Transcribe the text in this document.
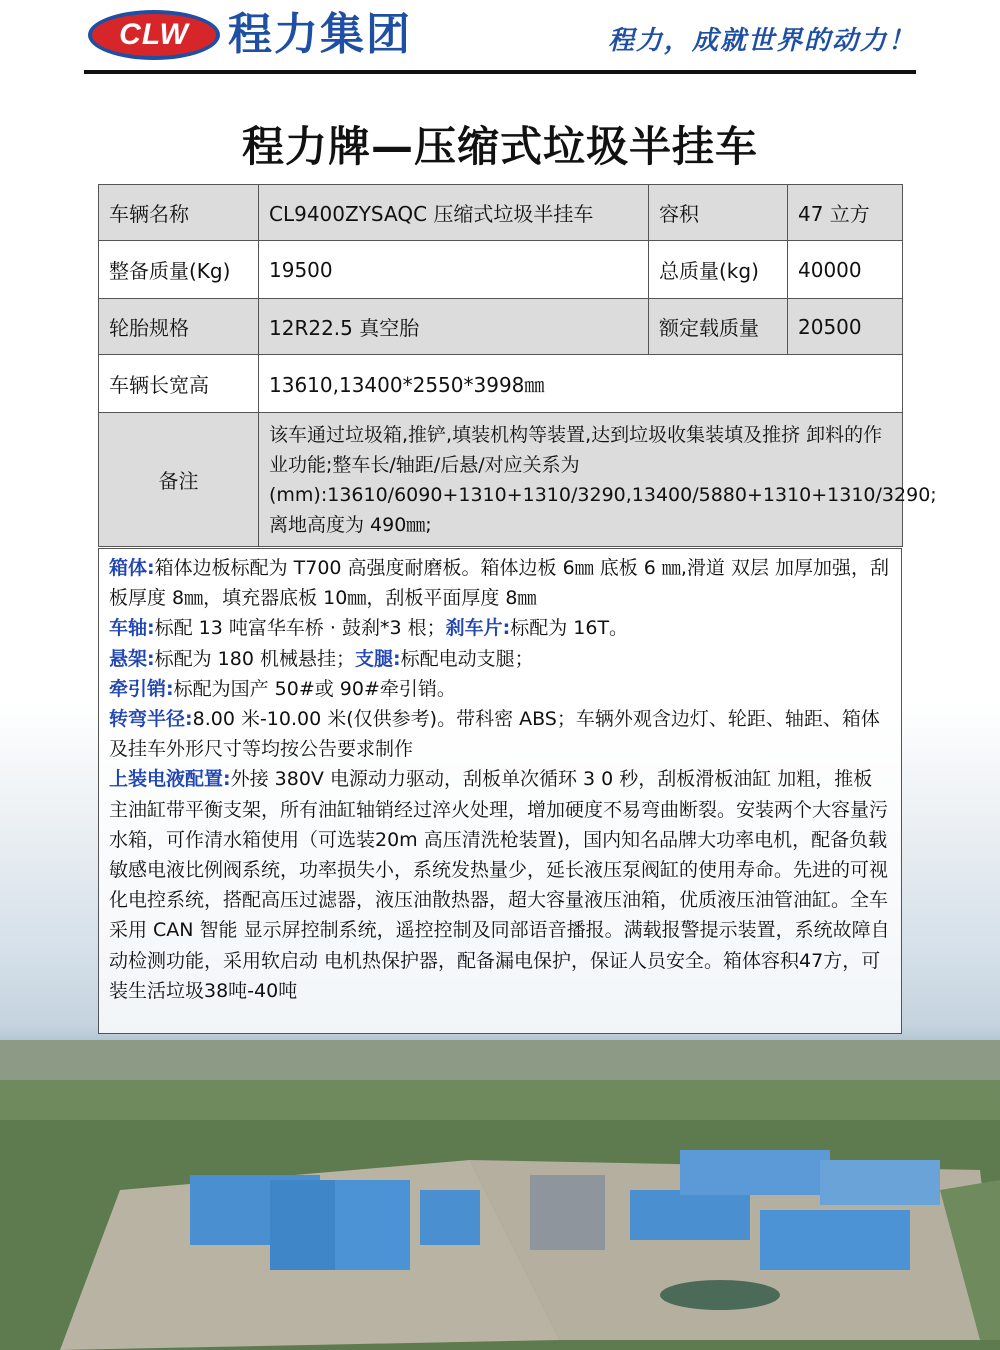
CLW 程力集团	程力，成就世界的动力！
程力牌—压缩式垃圾半挂车
车辆名称	CL9400ZYSAQC 压缩式垃圾半挂车	容积	47 立方
整备质量(Kg)	19500	总质量(kg)	40000
轮胎规格	12R22.5 真空胎	额定载质量	20500
车辆长宽高	13610,13400*2550*3998㎜		
备注	该车通过垃圾箱,推铲,填装机构等装置,达到垃圾收集装填及推挤 卸料的作业功能;整车长/轴距/后悬/对应关系为(mm):13610/6090+1310+1310/3290,13400/5880+1310+1310/3290;离地高度为 490㎜;		
箱体:箱体边板标配为 T700 高强度耐磨板。箱体边板 6㎜ 底板 6 ㎜,滑道 双层 加厚加强，刮板厚度 8㎜，填充器底板 10㎜，刮板平面厚度 8㎜
车轴:标配 13 吨富华车桥 · 鼓刹*3 根；刹车片:标配为 16T。
悬架:标配为 180 机械悬挂；支腿:标配电动支腿；
牵引销:标配为国产 50#或 90#牵引销。
转弯半径:8.00 米-10.00 米(仅供参考)。带科密 ABS；车辆外观含边灯、轮距、轴距、箱体及挂车外形尺寸等均按公告要求制作
上装电液配置:外接 380V 电源动力驱动，刮板单次循环 3 0 秒，刮板滑板油缸 加粗，推板主油缸带平衡支架，所有油缸轴销经过淬火处理，增加硬度不易弯曲断裂。安装两个大容量污水箱，可作清水箱使用（可选装20m 高压清洗枪装置)，国内知名品牌大功率电机，配备负载敏感电液比例阀系统，功率损失小，系统发热量少，延长液压泵阀缸的使用寿命。先进的可视化电控系统，搭配高压过滤器，液压油散热器，超大容量液压油箱，优质液压油管油缸。全车采用 CAN 智能 显示屏控制系统，遥控控制及同部语音播报。满载报警提示装置，系统故障自动检测功能，采用软启动 电机热保护器，配备漏电保护，保证人员安全。箱体容积47方，可装生活垃圾38吨-40吨
